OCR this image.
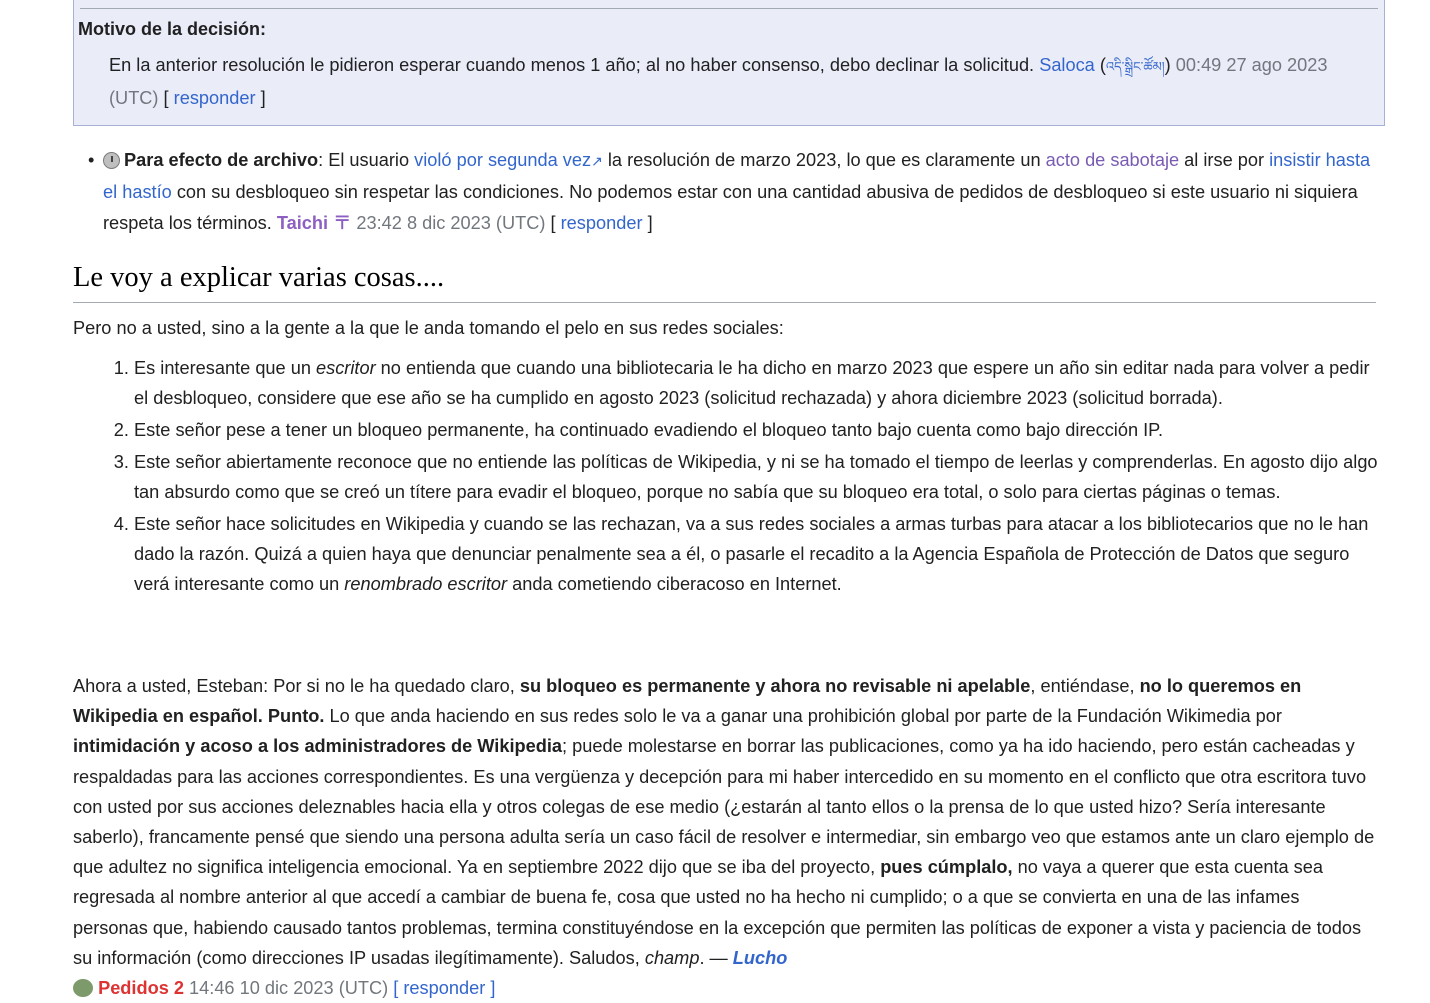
Motivo de la decisión:
En la anterior resolución le pidieron esperar cuando menos 1 año; al no haber consenso, debo declinar la solicitud. Saloca (འདི་སྒྲིང་ཚོམ།) 00:49 27 ago 2023 (UTC) [ responder ]
• Para efecto de archivo: El usuario violó por segunda vez↗ la resolución de marzo 2023, lo que es claramente un acto de sabotaje al irse por insistir hasta el hastío con su desbloqueo sin respetar las condiciones. No podemos estar con una cantidad abusiva de pedidos de desbloqueo si este usuario ni siquiera respeta los términos. Taichi 〒 23:42 8 dic 2023 (UTC) [ responder ]
Le voy a explicar varias cosas....
Pero no a usted, sino a la gente a la que le anda tomando el pelo en sus redes sociales:
1. Es interesante que un escritor no entienda que cuando una bibliotecaria le ha dicho en marzo 2023 que espere un año sin editar nada para volver a pedir el desbloqueo, considere que ese año se ha cumplido en agosto 2023 (solicitud rechazada) y ahora diciembre 2023 (solicitud borrada).
2. Este señor pese a tener un bloqueo permanente, ha continuado evadiendo el bloqueo tanto bajo cuenta como bajo dirección IP.
3. Este señor abiertamente reconoce que no entiende las políticas de Wikipedia, y ni se ha tomado el tiempo de leerlas y comprenderlas. En agosto dijo algo tan absurdo como que se creó un títere para evadir el bloqueo, porque no sabía que su bloqueo era total, o solo para ciertas páginas o temas.
4. Este señor hace solicitudes en Wikipedia y cuando se las rechazan, va a sus redes sociales a armas turbas para atacar a los bibliotecarios que no le han dado la razón. Quizá a quien haya que denunciar penalmente sea a él, o pasarle el recadito a la Agencia Española de Protección de Datos que seguro verá interesante como un renombrado escritor anda cometiendo ciberacoso en Internet.
Ahora a usted, Esteban: Por si no le ha quedado claro, su bloqueo es permanente y ahora no revisable ni apelable, entiéndase, no lo queremos en Wikipedia en español. Punto. Lo que anda haciendo en sus redes solo le va a ganar una prohibición global por parte de la Fundación Wikimedia por intimidación y acoso a los administradores de Wikipedia; puede molestarse en borrar las publicaciones, como ya ha ido haciendo, pero están cacheadas y respaldadas para las acciones correspondientes. Es una vergüenza y decepción para mi haber intercedido en su momento en el conflicto que otra escritora tuvo con usted por sus acciones deleznables hacia ella y otros colegas de ese medio (¿estarán al tanto ellos o la prensa de lo que usted hizo? Sería interesante saberlo), francamente pensé que siendo una persona adulta sería un caso fácil de resolver e intermediar, sin embargo veo que estamos ante un claro ejemplo de que adultez no significa inteligencia emocional. Ya en septiembre 2022 dijo que se iba del proyecto, pues cúmplalo, no vaya a querer que esta cuenta sea regresada al nombre anterior al que accedí a cambiar de buena fe, cosa que usted no ha hecho ni cumplido; o a que se convierta en una de las infames personas que, habiendo causado tantos problemas, termina constituyéndose en la excepción que permiten las políticas de exponer a vista y paciencia de todos su información (como direcciones IP usadas ilegítimamente). Saludos, champ. — Lucho
Pedidos 2 14:46 10 dic 2023 (UTC) [ responder ]
